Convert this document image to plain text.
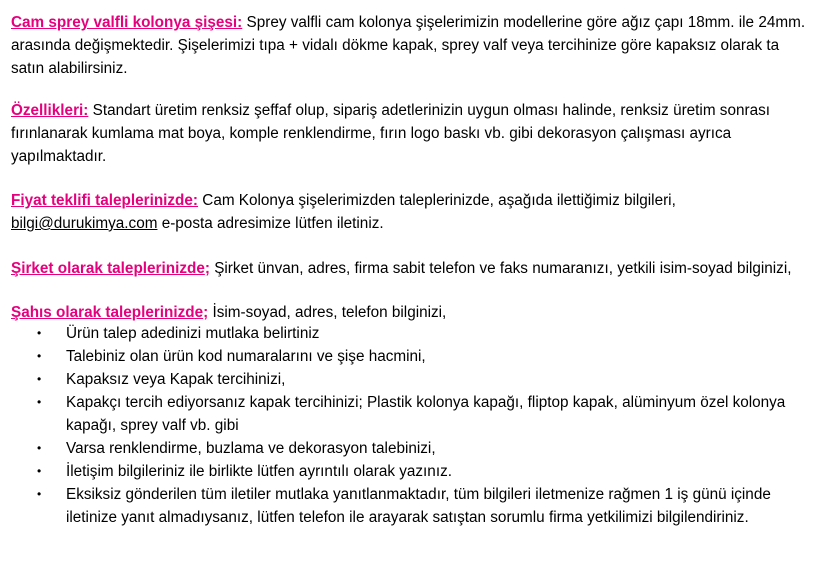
Cam sprey valfli kolonya şişesi: Sprey valfli cam kolonya şişelerimizin modellerine göre ağız çapı 18mm. ile 24mm. arasında değişmektedir. Şişelerimizi tıpa + vidalı dökme kapak, sprey valf veya tercihinize göre kapaksız olarak ta satın alabilirsiniz.

Özellikleri: Standart üretim renksiz şeffaf olup, sipariş adetlerinizin uygun olması halinde, renksiz üretim sonrası fırınlanarak kumlama mat boya, komple renklendirme, fırın logo baskı vb. gibi dekorasyon çalışması ayrıca yapılmaktadır.

Fiyat teklifi taleplerinizde: Cam Kolonya şişelerimizden taleplerinizde, aşağıda ilettiğimiz bilgileri, bilgi@durukimya.com e-posta adresimize lütfen iletiniz.

Şirket olarak taleplerinizde; Şirket ünvan, adres, firma sabit telefon ve faks numaranızı, yetkili isim-soyad bilginizi,

Şahıs olarak taleplerinizde; İsim-soyad, adres, telefon bilginizi,

• Ürün talep adedinizi mutlaka belirtiniz
• Talebiniz olan ürün kod numaralarını ve şişe hacmini,
• Kapaksız veya Kapak tercihinizi,
• Kapakçı tercih ediyorsanız kapak tercihinizi; Plastik kolonya kapağı, fliptop kapak, alüminyum özel kolonya kapağı, sprey valf vb. gibi
• Varsa renklendirme, buzlama ve dekorasyon talebinizi,
• İletişim bilgileriniz ile birlikte lütfen ayrıntılı olarak yazınız.
• Eksiksiz gönderilen tüm iletiler mutlaka yanıtlanmaktadır, tüm bilgileri iletmenize rağmen 1 iş günü içinde iletinize yanıt almadıysanız, lütfen telefon ile arayarak satıştan sorumlu firma yetkilimizi bilgilendiriniz.
